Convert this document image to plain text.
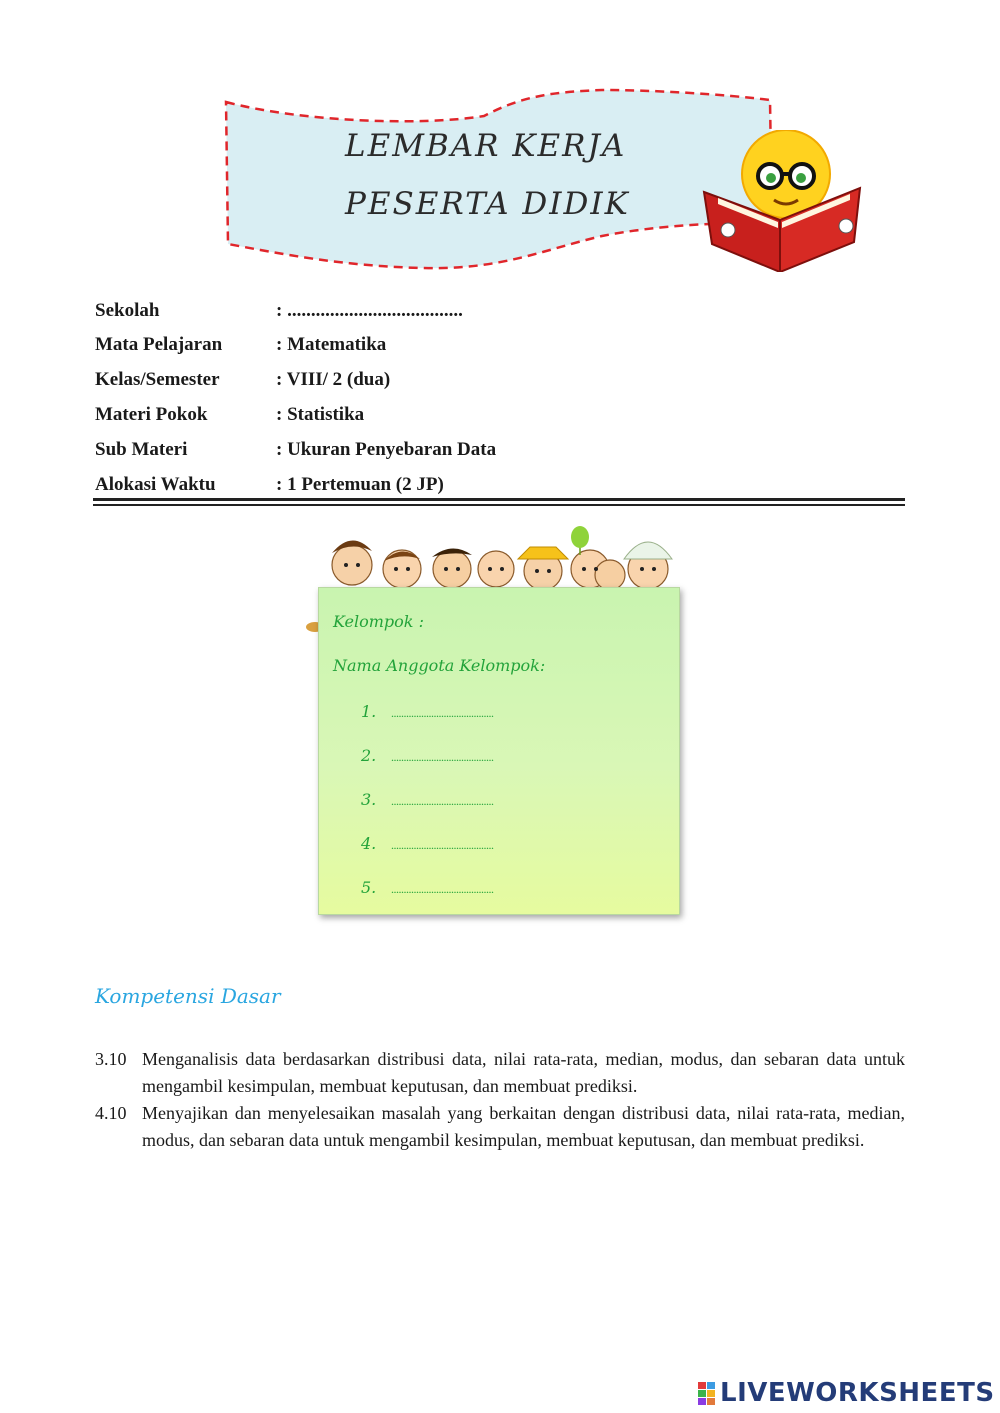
LEMBAR KERJA
PESERTA DIDIK
Sekolah	: .....................................
Mata Pelajaran	: Matematika
Kelas/Semester	: VIII/ 2 (dua)
Materi Pokok	: Statistika
Sub Materi	: Ukuran Penyebaran Data
Alokasi Waktu	: 1 Pertemuan (2 JP)
Kelompok :
Nama Anggota Kelompok:
1. .........................................
2. .........................................
3. .........................................
4. .........................................
5. .........................................
Kompetensi Dasar
3.10 Menganalisis data berdasarkan distribusi data, nilai rata-rata, median, modus, dan sebaran data untuk mengambil kesimpulan, membuat keputusan, dan membuat prediksi.
4.10 Menyajikan dan menyelesaikan masalah yang berkaitan dengan distribusi data, nilai rata-rata, median, modus, dan sebaran data untuk mengambil kesimpulan, membuat keputusan, dan membuat prediksi.
LIVEWORKSHEETS
